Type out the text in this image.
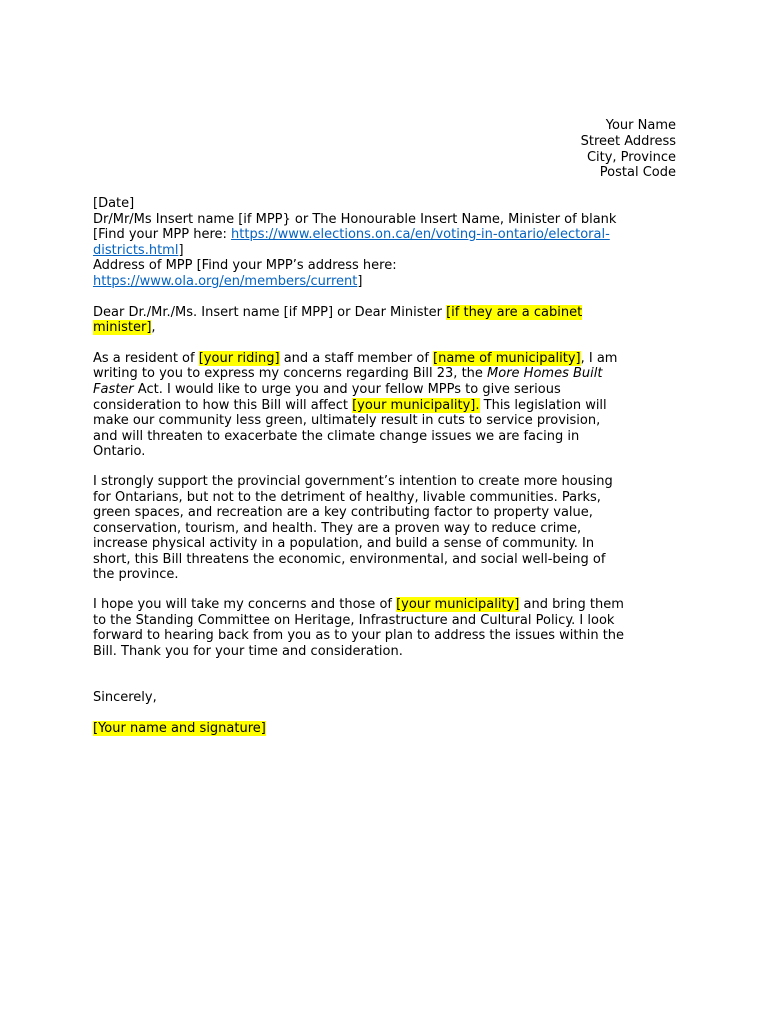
Your Name
Street Address
City, Province
Postal Code
[Date]
Dr/Mr/Ms Insert name [if MPP} or The Honourable Insert Name, Minister of blank
[Find your MPP here: https://www.elections.on.ca/en/voting-in-ontario/electoral-
districts.html]
Address of MPP [Find your MPP’s address here:
https://www.ola.org/en/members/current]
Dear Dr./Mr./Ms. Insert name [if MPP] or Dear Minister [if they are a cabinet
minister],
As a resident of [your riding] and a staff member of [name of municipality], I am
writing to you to express my concerns regarding Bill 23, the More Homes Built
Faster Act. I would like to urge you and your fellow MPPs to give serious
consideration to how this Bill will affect [your municipality]. This legislation will
make our community less green, ultimately result in cuts to service provision,
and will threaten to exacerbate the climate change issues we are facing in
Ontario.
I strongly support the provincial government’s intention to create more housing
for Ontarians, but not to the detriment of healthy, livable communities. Parks,
green spaces, and recreation are a key contributing factor to property value,
conservation, tourism, and health. They are a proven way to reduce crime,
increase physical activity in a population, and build a sense of community. In
short, this Bill threatens the economic, environmental, and social well-being of
the province.
I hope you will take my concerns and those of [your municipality] and bring them
to the Standing Committee on Heritage, Infrastructure and Cultural Policy. I look
forward to hearing back from you as to your plan to address the issues within the
Bill. Thank you for your time and consideration.
Sincerely,
[Your name and signature]
